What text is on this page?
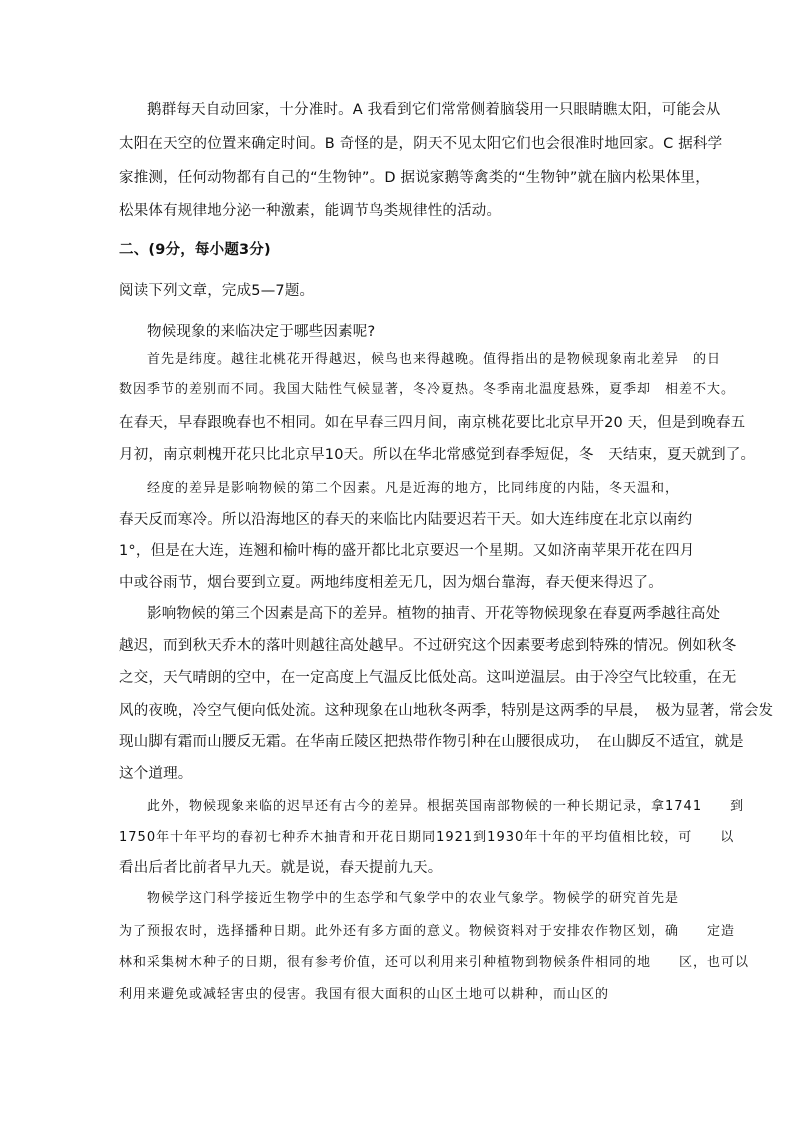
鹅群每天自动回家，十分准时。A 我看到它们常常侧着脑袋用一只眼睛瞧太阳，可能会从
太阳在天空的位置来确定时间。B 奇怪的是，阴天不见太阳它们也会很准时地回家。C 据科学
家推测，任何动物都有自己的“生物钟”。D 据说家鹅等禽类的“生物钟”就在脑内松果体里，
松果体有规律地分泌一种激素，能调节鸟类规律性的活动。
二、(9分，每小题3分)
阅读下列文章，完成5—7题。
物候现象的来临决定于哪些因素呢?
首先是纬度。越往北桃花开得越迟，候鸟也来得越晚。值得指出的是物候现象南北差异　的日
数因季节的差别而不同。我国大陆性气候显著，冬冷夏热。冬季南北温度悬殊，夏季却　相差不大。
在春天，早春跟晚春也不相同。如在早春三四月间，南京桃花要比北京早开20 天，但是到晚春五
月初，南京刺槐开花只比北京早10天。所以在华北常感觉到春季短促，冬　天结束，夏天就到了。
经度的差异是影响物候的第二个因素。凡是近海的地方，比同纬度的内陆，冬天温和，
春天反而寒冷。所以沿海地区的春天的来临比内陆要迟若干天。如大连纬度在北京以南约
1°，但是在大连，连翘和榆叶梅的盛开都比北京要迟一个星期。又如济南苹果开花在四月
中或谷雨节，烟台要到立夏。两地纬度相差无几，因为烟台靠海，春天便来得迟了。
影响物候的第三个因素是高下的差异。植物的抽青、开花等物候现象在春夏两季越往高处
越迟，而到秋天乔木的落叶则越往高处越早。不过研究这个因素要考虑到特殊的情况。例如秋冬
之交，天气晴朗的空中，在一定高度上气温反比低处高。这叫逆温层。由于冷空气比较重，在无
风的夜晚，冷空气便向低处流。这种现象在山地秋冬两季，特别是这两季的早晨，　极为显著，常会发
现山脚有霜而山腰反无霜。在华南丘陵区把热带作物引种在山腰很成功，　在山脚反不适宜，就是
这个道理。
此外，物候现象来临的迟早还有古今的差异。根据英国南部物候的一种长期记录，拿1741　　到
1750年十年平均的春初七种乔木抽青和开花日期同1921到1930年十年的平均值相比较，可　　以
看出后者比前者早九天。就是说，春天提前九天。
物候学这门科学接近生物学中的生态学和气象学中的农业气象学。物候学的研究首先是
为了预报农时，选择播种日期。此外还有多方面的意义。物候资料对于安排农作物区划，确　　定造
林和采集树木种子的日期，很有参考价值，还可以利用来引种植物到物候条件相同的地　　区，也可以
利用来避免或减轻害虫的侵害。我国有很大面积的山区土地可以耕种，而山区的
